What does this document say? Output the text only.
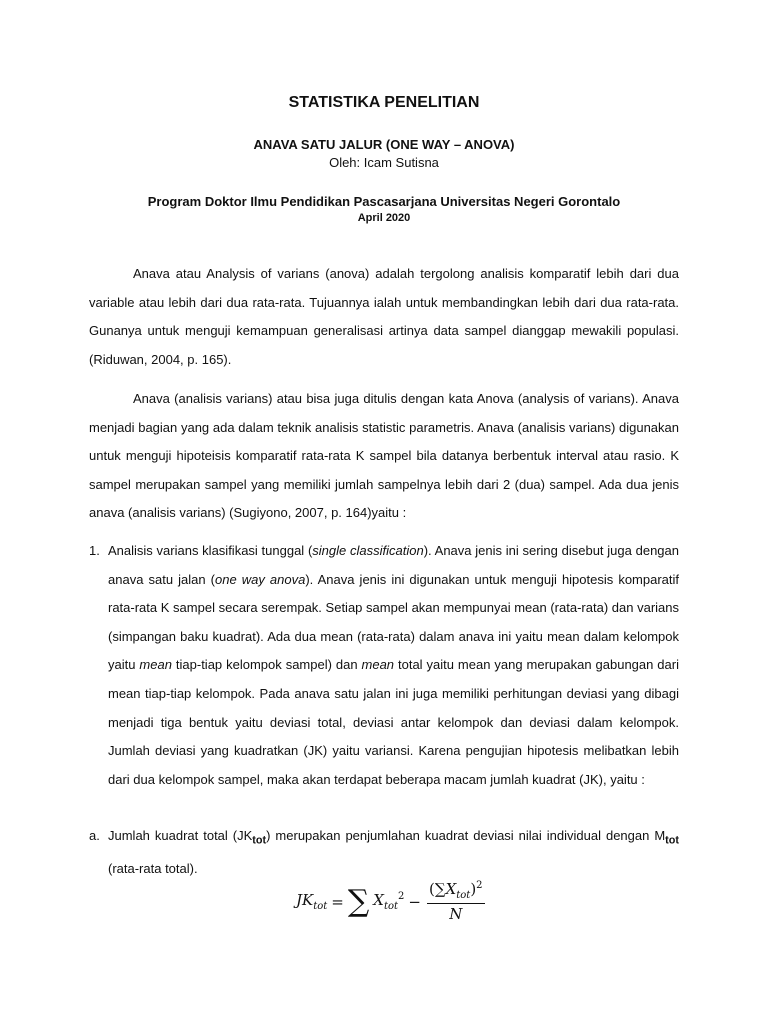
STATISTIKA PENELITIAN

ANAVA SATU JALUR (ONE WAY – ANOVA)

Oleh: Icam Sutisna

Program Doktor Ilmu Pendidikan Pascasarjana Universitas Negeri Gorontalo

April 2020

Anava atau Analysis of varians (anova) adalah tergolong analisis komparatif lebih dari dua variable atau lebih dari dua rata-rata. Tujuannya ialah untuk membandingkan lebih dari dua rata-rata. Gunanya untuk menguji kemampuan generalisasi artinya data sampel dianggap mewakili populasi. (Riduwan, 2004, p. 165).

Anava (analisis varians) atau bisa juga ditulis dengan kata Anova (analysis of varians). Anava menjadi bagian yang ada dalam teknik analisis statistic parametris. Anava (analisis varians) digunakan untuk menguji hipoteisis komparatif rata-rata K sampel bila datanya berbentuk interval atau rasio. K sampel merupakan sampel yang memiliki jumlah sampelnya lebih dari 2 (dua) sampel. Ada dua jenis anava (analisis varians) (Sugiyono, 2007, p. 164)yaitu :

1. Analisis varians klasifikasi tunggal (single classification). Anava jenis ini sering disebut juga dengan anava satu jalan (one way anova). Anava jenis ini digunakan untuk menguji hipotesis komparatif rata-rata K sampel secara serempak. Setiap sampel akan mempunyai mean (rata-rata) dan varians (simpangan baku kuadrat). Ada dua mean (rata-rata) dalam anava ini yaitu mean dalam kelompok yaitu mean tiap-tiap kelompok sampel) dan mean total yaitu mean yang merupakan gabungan dari mean tiap-tiap kelompok. Pada anava satu jalan ini juga memiliki perhitungan deviasi yang dibagi menjadi tiga bentuk yaitu deviasi total, deviasi antar kelompok dan deviasi dalam kelompok. Jumlah deviasi yang kuadratkan (JK) yaitu variansi. Karena pengujian hipotesis melibatkan lebih dari dua kelompok sampel, maka akan terdapat beberapa macam jumlah kuadrat (JK), yaitu :
a. Jumlah kuadrat total $(JK_{tot})$ merupakan penjumlahan kuadrat deviasi nilai individual dengan $M_{tot}$ (rata-rata total).
$JK_{tot}$ = ∑ $X_{tot}^2 - \frac{(\sum X_{tot})^2}{N}$
